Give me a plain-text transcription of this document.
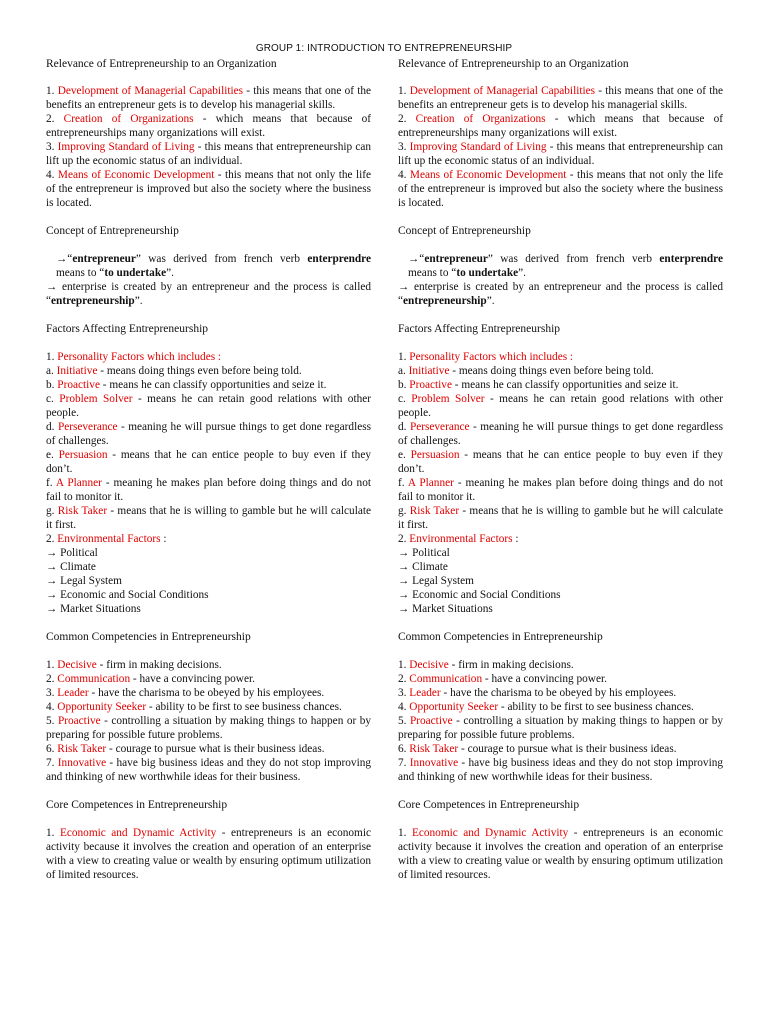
GROUP 1: INTRODUCTION TO ENTREPRENEURSHIP

Relevance of Entrepreneurship to an Organization

1. Development of Managerial Capabilities - this means that one of the benefits an entrepreneur gets is to develop his managerial skills.

2. Creation of Organizations - which means that because of entrepreneurships many organizations will exist.

3. Improving Standard of Living - this means that entrepreneurship can lift up the economic status of an individual.

4. Means of Economic Development - this means that not only the life of the entrepreneur is improved but also the society where the business is located.

Concept of Entrepreneurship

→“entrepreneur” was derived from french verb enterprendre means to “to undertake”.

→ enterprise is created by an entrepreneur and the process is called “entrepreneurship”.

Factors Affecting Entrepreneurship

1. Personality Factors which includes :

a. Initiative - means doing things even before being told.

b. Proactive - means he can classify opportunities and seize it.

c. Problem Solver - means he can retain good relations with other people.

d. Perseverance - meaning he will pursue things to get done regardless of challenges.

e. Persuasion - means that he can entice people to buy even if they don’t.

f. A Planner - meaning he makes plan before doing things and do not fail to monitor it.

g. Risk Taker - means that he is willing to gamble but he will calculate it first.

2. Environmental Factors :

→ Political

→ Climate

→ Legal System

→ Economic and Social Conditions

→ Market Situations

Common Competencies in Entrepreneurship

1. Decisive - firm in making decisions.

2. Communication - have a convincing power.

3. Leader - have the charisma to be obeyed by his employees.

4. Opportunity Seeker - ability to be first to see business chances.

5. Proactive - controlling a situation by making things to happen or by preparing for possible future problems.

6. Risk Taker - courage to pursue what is their business ideas.

7. Innovative - have big business ideas and they do not stop improving and thinking of new worthwhile ideas for their business.

Core Competences in Entrepreneurship

1. Economic and Dynamic Activity - entrepreneurs is an economic activity because it involves the creation and operation of an enterprise with a view to creating value or wealth by ensuring optimum utilization of limited resources.

Relevance of Entrepreneurship to an Organization

1. Development of Managerial Capabilities - this means that one of the benefits an entrepreneur gets is to develop his managerial skills.

2. Creation of Organizations - which means that because of entrepreneurships many organizations will exist.

3. Improving Standard of Living - this means that entrepreneurship can lift up the economic status of an individual.

4. Means of Economic Development - this means that not only the life of the entrepreneur is improved but also the society where the business is located.

Concept of Entrepreneurship

→“entrepreneur” was derived from french verb enterprendre means to “to undertake”.

→ enterprise is created by an entrepreneur and the process is called “entrepreneurship”.

Factors Affecting Entrepreneurship

1. Personality Factors which includes :

a. Initiative - means doing things even before being told.

b. Proactive - means he can classify opportunities and seize it.

c. Problem Solver - means he can retain good relations with other people.

d. Perseverance - meaning he will pursue things to get done regardless of challenges.

e. Persuasion - means that he can entice people to buy even if they don’t.

f. A Planner - meaning he makes plan before doing things and do not fail to monitor it.

g. Risk Taker - means that he is willing to gamble but he will calculate it first.

2. Environmental Factors :

→ Political

→ Climate

→ Legal System

→ Economic and Social Conditions

→ Market Situations

Common Competencies in Entrepreneurship

1. Decisive - firm in making decisions.

2. Communication - have a convincing power.

3. Leader - have the charisma to be obeyed by his employees.

4. Opportunity Seeker - ability to be first to see business chances.

5. Proactive - controlling a situation by making things to happen or by preparing for possible future problems.

6. Risk Taker - courage to pursue what is their business ideas.

7. Innovative - have big business ideas and they do not stop improving and thinking of new worthwhile ideas for their business.

Core Competences in Entrepreneurship

1. Economic and Dynamic Activity - entrepreneurs is an economic activity because it involves the creation and operation of an enterprise with a view to creating value or wealth by ensuring optimum utilization of limited resources.
